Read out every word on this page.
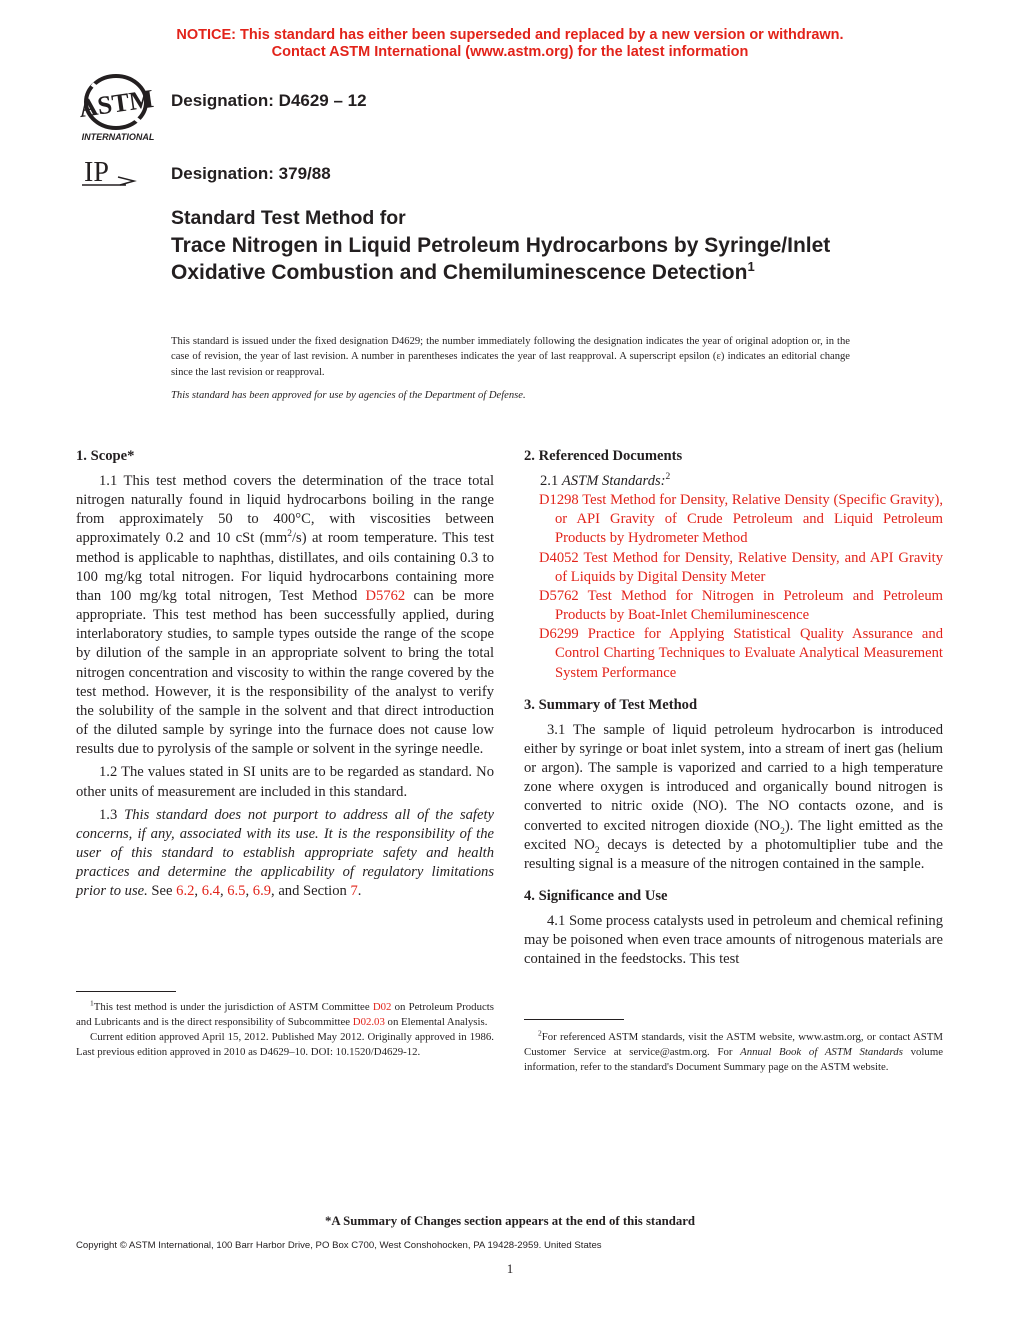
NOTICE: This standard has either been superseded and replaced by a new version or withdrawn.
Contact ASTM International (www.astm.org) for the latest information
ASTM
INTERNATIONAL
Designation: D4629 – 12
IP	Designation: 379/88
Standard Test Method for
Trace Nitrogen in Liquid Petroleum Hydrocarbons by Syringe/Inlet Oxidative Combustion and Chemiluminescence Detection$^1$
This standard is issued under the fixed designation D4629; the number immediately following the designation indicates the year of original adoption or, in the case of revision, the year of last revision. A number in parentheses indicates the year of last reapproval. A superscript epsilon (ε) indicates an editorial change since the last revision or reapproval.
This standard has been approved for use by agencies of the Department of Defense.
1. Scope*

1.1 This test method covers the determination of the trace total nitrogen naturally found in liquid hydrocarbons boiling in the range from approximately 50 to 400°C, with viscosities between approximately 0.2 and 10 cSt $(mm^2/s)$ at room temperature. This test method is applicable to naphthas, distillates, and oils containing 0.3 to 100 mg/kg total nitrogen. For liquid hydrocarbons containing more than 100 mg/kg total nitrogen, Test Method D5762 can be more appropriate. This test method has been successfully applied, during interlaboratory studies, to sample types outside the range of the scope by dilution of the sample in an appropriate solvent to bring the total nitrogen concentration and viscosity to within the range covered by the test method. However, it is the responsibility of the analyst to verify the solubility of the sample in the solvent and that direct introduction of the diluted sample by syringe into the furnace does not cause low results due to pyrolysis of the sample or solvent in the syringe needle.

1.2 The values stated in SI units are to be regarded as standard. No other units of measurement are included in this standard.

1.3 This standard does not purport to address all of the safety concerns, if any, associated with its use. It is the responsibility of the user of this standard to establish appropriate safety and health practices and determine the applicability of regulatory limitations prior to use. See 6.2, 6.4, 6.5, 6.9, and Section 7.

$^1$This test method is under the jurisdiction of ASTM Committee D02 on Petroleum Products and Lubricants and is the direct responsibility of Subcommittee D02.03 on Elemental Analysis.

Current edition approved April 15, 2012. Published May 2012. Originally approved in 1986. Last previous edition approved in 2010 as D4629–10. DOI: 10.1520/D4629-12.

2. Referenced Documents

2.1 ASTM Standards:$^2$

D1298 Test Method for Density, Relative Density (Specific Gravity), or API Gravity of Crude Petroleum and Liquid Petroleum Products by Hydrometer Method

D4052 Test Method for Density, Relative Density, and API Gravity of Liquids by Digital Density Meter

D5762 Test Method for Nitrogen in Petroleum and Petroleum Products by Boat-Inlet Chemiluminescence

D6299 Practice for Applying Statistical Quality Assurance and Control Charting Techniques to Evaluate Analytical Measurement System Performance

3. Summary of Test Method

3.1 The sample of liquid petroleum hydrocarbon is introduced either by syringe or boat inlet system, into a stream of inert gas (helium or argon). The sample is vaporized and carried to a high temperature zone where oxygen is introduced and organically bound nitrogen is converted to nitric oxide (NO). The NO contacts ozone, and is converted to excited nitrogen dioxide $(NO_2)$. The light emitted as the excited $NO_2$ decays is detected by a photomultiplier tube and the resulting signal is a measure of the nitrogen contained in the sample.

4. Significance and Use

4.1 Some process catalysts used in petroleum and chemical refining may be poisoned when even trace amounts of nitrogenous materials are contained in the feedstocks. This test

$^2$For referenced ASTM standards, visit the ASTM website, www.astm.org, or contact ASTM Customer Service at service@astm.org. For Annual Book of ASTM Standards volume information, refer to the standard's Document Summary page on the ASTM website.

*A Summary of Changes section appears at the end of this standard
Copyright © ASTM International, 100 Barr Harbor Drive, PO Box C700, West Conshohocken, PA 19428-2959. United States
1
